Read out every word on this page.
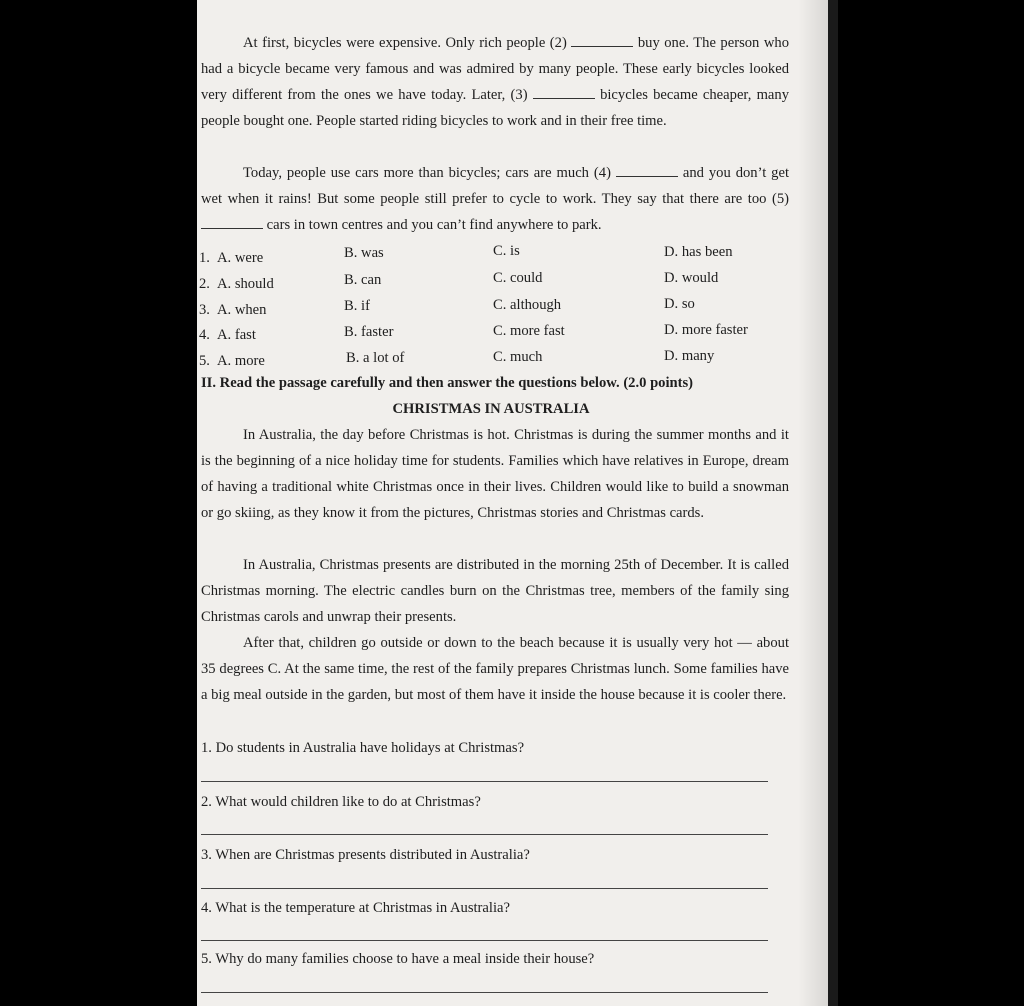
At first, bicycles were expensive. Only rich people (2)	buy one. The person who had a bicycle became very famous and was admired by many people. These early bicycles looked very different from the ones we have today. Later, (3)	bicycles became cheaper, many people bought one. People started riding bicycles to work and in their free time.

Today, people use cars more than bicycles; cars are much (4)	and you don’t get wet when it rains! But some people still prefer to cycle to work. They say that there are too (5)  cars in town centres and you can’t find anywhere to park.

1. A. were	B. was	C. is	D. has been
2. A. should	B. can	C. could	D. would
3. A. when	B. if	C. although	D. so
4. A. fast	B. faster	C. more fast	D. more faster
5. A. more	B. a lot of	C. much	D. many
II. Read the passage carefully and then answer the questions below. (2.0 points)
CHRISTMAS IN AUSTRALIA

In Australia, the day before Christmas is hot. Christmas is during the summer months and it is the beginning of a nice holiday time for students. Families which have relatives in Europe, dream of having a traditional white Christmas once in their lives. Children would like to build a snowman or go skiing, as they know it from the pictures, Christmas stories and Christmas cards.

In Australia, Christmas presents are distributed in the morning 25th of December. It is called Christmas morning. The electric candles burn on the Christmas tree, members of the family sing Christmas carols and unwrap their presents.

After that, children go outside or down to the beach because it is usually very hot — about 35 degrees C. At the same time, the rest of the family prepares Christmas lunch. Some families have a big meal outside in the garden, but most of them have it inside the house because it is cooler there.

1. Do students in Australia have holidays at Christmas?
2. What would children like to do at Christmas?
3. When are Christmas presents distributed in Australia?
4. What is the temperature at Christmas in Australia?
5. Why do many families choose to have a meal inside their house?
